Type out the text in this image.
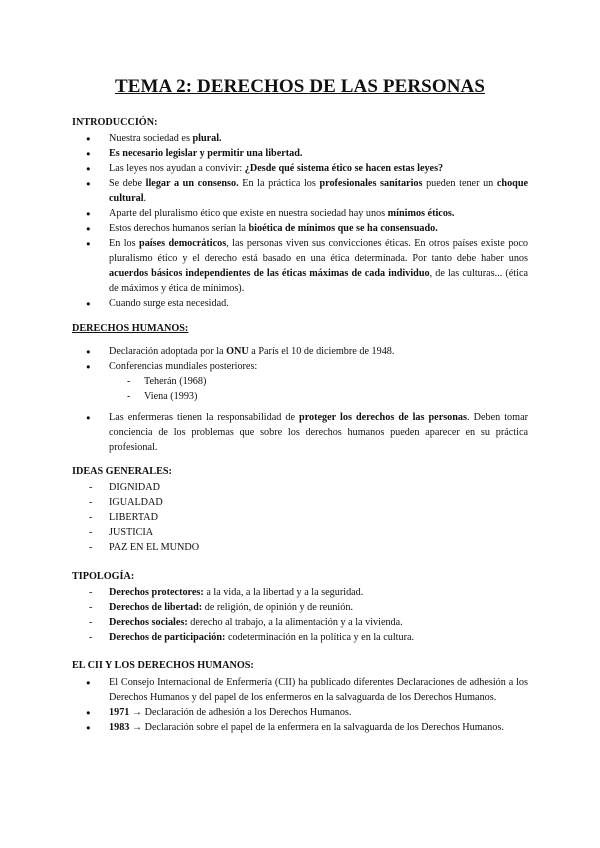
TEMA 2: DERECHOS DE LAS PERSONAS

INTRODUCCIÓN:

● Nuestra sociedad es plural.
● Es necesario legislar y permitir una libertad.
● Las leyes nos ayudan a convivir: ¿Desde qué sistema ético se hacen estas leyes?
● Se debe llegar a un consenso. En la práctica los profesionales sanitarios pueden tener un choque cultural.
● Aparte del pluralismo ético que existe en nuestra sociedad hay unos mínimos éticos.
● Estos derechos humanos serían la bioética de mínimos que se ha consensuado.
● En los países democráticos, las personas viven sus convicciones éticas. En otros países existe poco pluralismo ético y el derecho está basado en una ética determinada. Por tanto debe haber unos acuerdos básicos independientes de las éticas máximas de cada individuo, de las culturas... (ética de máximos y ética de mínimos).
● Cuando surge esta necesidad.

DERECHOS HUMANOS:

● Declaración adoptada por la ONU a París el 10 de diciembre de 1948.
● Conferencias mundiales posteriores:
- Teherán (1968)
- Viena (1993)
● Las enfermeras tienen la responsabilidad de proteger los derechos de las personas. Deben tomar conciencia de los problemas que sobre los derechos humanos pueden aparecer en su práctica profesional.

IDEAS GENERALES:

- DIGNIDAD
- IGUALDAD
- LIBERTAD
- JUSTICIA
- PAZ EN EL MUNDO

TIPOLOGÍA:

- Derechos protectores: a la vida, a la libertad y a la seguridad.
- Derechos de libertad: de religión, de opinión y de reunión.
- Derechos sociales: derecho al trabajo, a la alimentación y a la vivienda.
- Derechos de participación: codeterminación en la política y en la cultura.

EL CII Y LOS DERECHOS HUMANOS:

● El Consejo Internacional de Enfermería (CII) ha publicado diferentes Declaraciones de adhesión a los Derechos Humanos y del papel de los enfermeros en la salvaguarda de los Derechos Humanos.
● 1971 → Declaración de adhesión a los Derechos Humanos.
● 1983 → Declaración sobre el papel de la enfermera en la salvaguarda de los Derechos Humanos.
